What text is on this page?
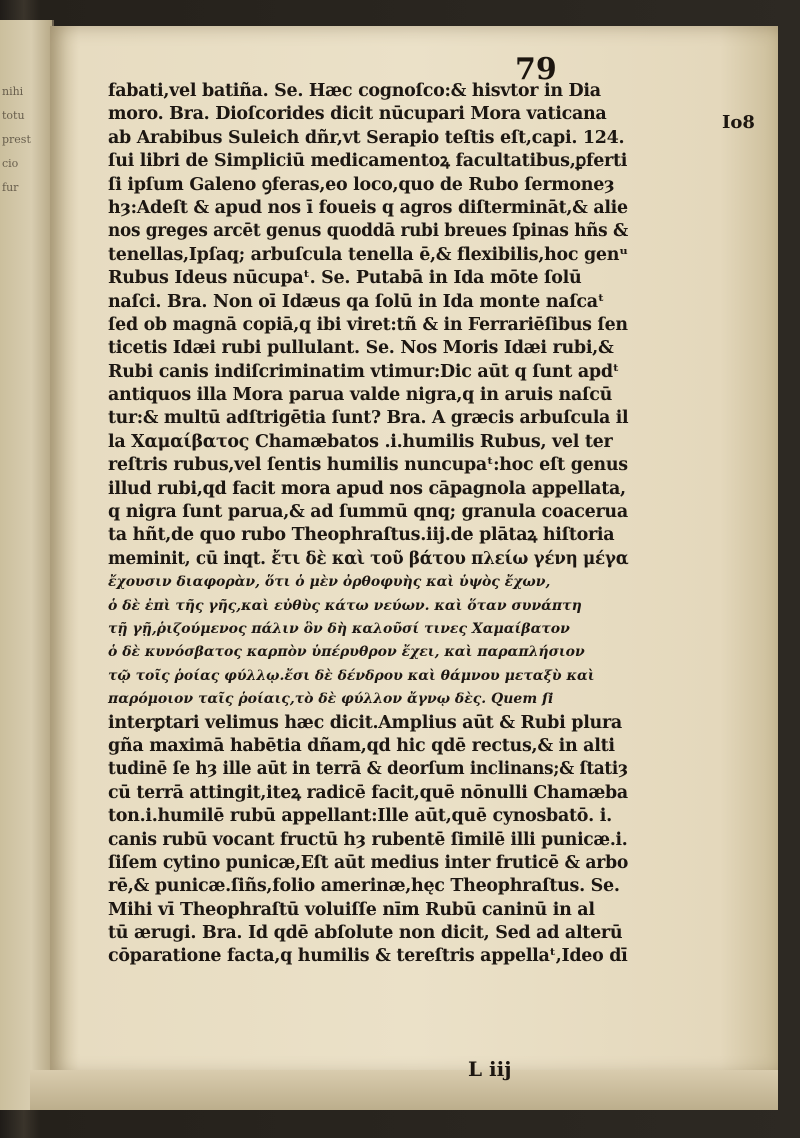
nihi
totu
prest
cio
fur
79
Io8
fabati,vel batiña. Se. Hæc cognoſco:& hisvtor in Dia
moro. Bra. Dioſcorides dicit nūcupari Mora vaticana
ab Arabibus Suleich dñr,vt Serapio teſtis eſt,capi. 124.
ſui libri de Simpliciū medicamentoꝝ facultatibus,ꝑferti
ſi ipſum Galeno ꝯferas,eo loco,quo de Rubo ſermoneȝ
hȝ:Adeſt & apud nos ī foueis q agros diſtermināt,& alie
nos greges arcēt genus quoddā rubi breues ſpinas hñs &
tenellas,Ipſaq; arbuſcula tenella ē,& flexibilis,hoc genᵘ
Rubus Ideus nūcupaᵗ. Se. Putabā in Ida mōte ſolū
naſci. Bra. Non oī Idæus qa ſolū in Ida monte naſcaᵗ
ſed ob magnā copiā,q ibi viret:tñ & in Ferrariēſibus ſen
ticetis Idæi rubi pullulant. Se. Nos Moris Idæi rubi,&
Rubi canis indiſcriminatim vtimur:Dic aūt q ſunt apdᵗ
antiquos illa Mora parua valde nigra,q in aruis naſcū
tur:& multū adſtrigētia ſunt? Bra. A græcis arbuſcula il
la Χαμαίβατος Chamæbatos .i.humilis Rubus, vel ter
reſtris rubus,vel ſentis humilis nuncupaᵗ:hoc eſt genus
illud rubi,qd facit mora apud nos cāpagnola appellata,
q nigra ſunt parua,& ad ſummū qnq; granula coacerua
ta hñt,de quo rubo Theophraſtus.iij.de plātaꝝ hiſtoria
meminit, cū inqt. ἔτι δὲ καὶ τοῦ βάτου πλείω γένη μέγα
ἔχουσιν διαφορὰν, ὅτι ὁ μὲν ὀρθοφυὴς καὶ ὑψὸς ἔχων,
ὁ δὲ ἐπὶ τῆς γῆς,καὶ εὐθὺς κάτω νεύων. καὶ ὅταν συνάπτη
τῇ γῇ,ῥιζούμενος πάλιν ὃν δὴ καλοῦσί τινες Χαμαίβατον
ὁ δὲ κυνόσβατος καρπὸν ὑπέρυθρον ἔχει, καὶ παραπλήσιον
τῷ τοῖς ῥοίας φύλλῳ.ἔσι δὲ δένδρου καὶ θάμνου μεταξὺ καὶ
παρόμοιον ταῖς ῥοίαις,τὸ δὲ φύλλον ἄγνῳ δὲς. Quem ſi
interꝑtari velimus hæc dicit.Amplius aūt & Rubi plura
gña maximā habētia dñam,qd hic qdē rectus,& in alti
tudinē ſe hȝ ille aūt in terrā & deorſum inclinans;& ſtatiȝ
cū terrā attingit,iteꝝ radicē facit,quē nōnulli Chamæba
ton.i.humilē rubū appellant:Ille aūt,quē cynosbatō. i.
canis rubū vocant fructū hȝ rubentē ſimilē illi punicæ.i.
ſiſem cytino punicæ,Eſt aūt medius inter fruticē & arbo
rē,& punicæ.ſiñs,folio amerinæ,hęc Theophraſtus. Se.
Mihi vī Theophraſtū voluiſſe nīm Rubū caninū in al
tū ærugi. Bra. Id qdē abſolute non dicit, Sed ad alterū
cōparatione facta,q humilis & tereſtris appellaᵗ,Ideo dī
L iij
